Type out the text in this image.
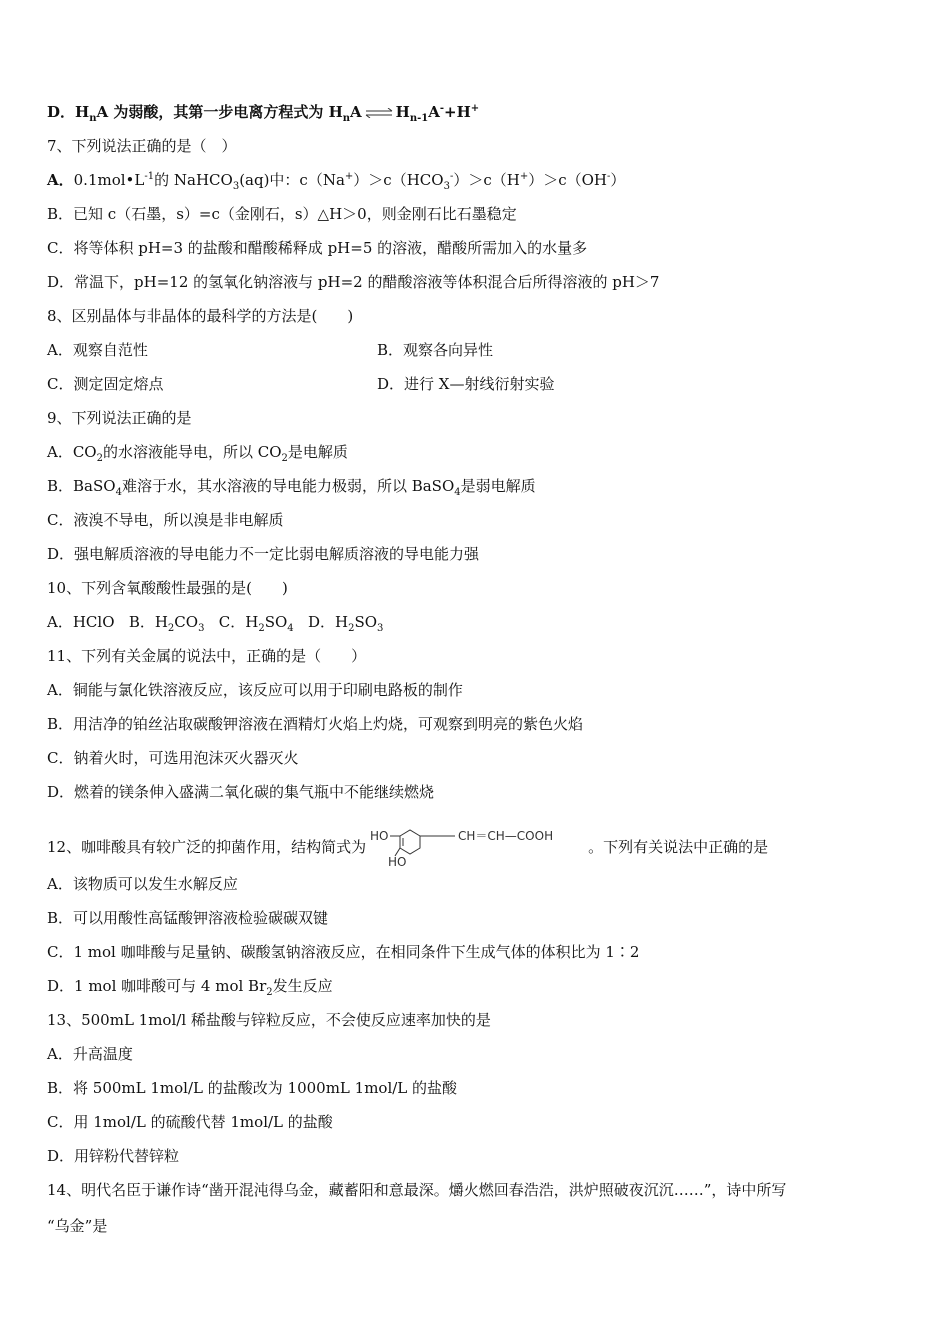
D．$H_nA$ 为弱酸，其第一步电离方程式为 $H_nA$ ⇌ $H_{n-1}A^-+H^+$
7、下列说法正确的是（　）
A．$0.1mol•L^{-1}$的 NaHCO$_3$(aq)中：$c(Na^+)>c(HCO_3^-)>c(H^+)>c(OH^-)$
B．已知 c（石墨，s）=c（金刚石，s）△H＞0，则金刚石比石墨稳定
C．将等体积 pH=3 的盐酸和醋酸稀释成 pH=5 的溶液，醋酸所需加入的水量多
D．常温下，pH=12 的氢氧化钠溶液与 pH=2 的醋酸溶液等体积混合后所得溶液的 pH＞7
8、区别晶体与非晶体的最科学的方法是(　　)
A．观察自范性	B．观察各向异性
C．测定固定熔点	D．进行 X—射线衍射实验
9、下列说法正确的是
A．$CO_2$的水溶液能导电，所以 $CO_2$是电解质
B．BaSO$_4$难溶于水，其水溶液的导电能力极弱，所以 BaSO$_4$是弱电解质
C．液溴不导电，所以溴是非电解质
D．强电解质溶液的导电能力不一定比弱电解质溶液的导电能力强
10、下列含氧酸酸性最强的是(　　)
A．HClO B．$H_2CO_3$ C．$H_2SO_4$ D．$H_2SO_3$
11、下列有关金属的说法中，正确的是（　　）
A．铜能与氯化铁溶液反应，该反应可以用于印刷电路板的制作
B．用洁净的铂丝沾取碳酸钾溶液在酒精灯火焰上灼烧，可观察到明亮的紫色火焰
C．钠着火时，可选用泡沫灭火器灭火
D．燃着的镁条伸入盛满二氧化碳的集气瓶中不能继续燃烧
12、咖啡酸具有较广泛的抑菌作用，结构简式为
HO
HO
CH＝CH—COOH
。下列有关说法中正确的是
A．该物质可以发生水解反应
B．可以用酸性高锰酸钾溶液检验碳碳双键
C．1 mol 咖啡酸与足量钠、碳酸氢钠溶液反应，在相同条件下生成气体的体积比为 1∶2
D．1 mol 咖啡酸可与 4 mol $Br_2$发生反应
13、500mL 1mol/l 稀盐酸与锌粒反应，不会使反应速率加快的是
A．升高温度
B．将 500mL 1mol/L 的盐酸改为 1000mL 1mol/L 的盐酸
C．用 1mol/L 的硫酸代替 1mol/L 的盐酸
D．用锌粉代替锌粒
14、明代名臣于谦作诗“凿开混沌得乌金，藏蓄阳和意最深。爝火燃回春浩浩，洪炉照破夜沉沉……”，诗中所写
“乌金”是
